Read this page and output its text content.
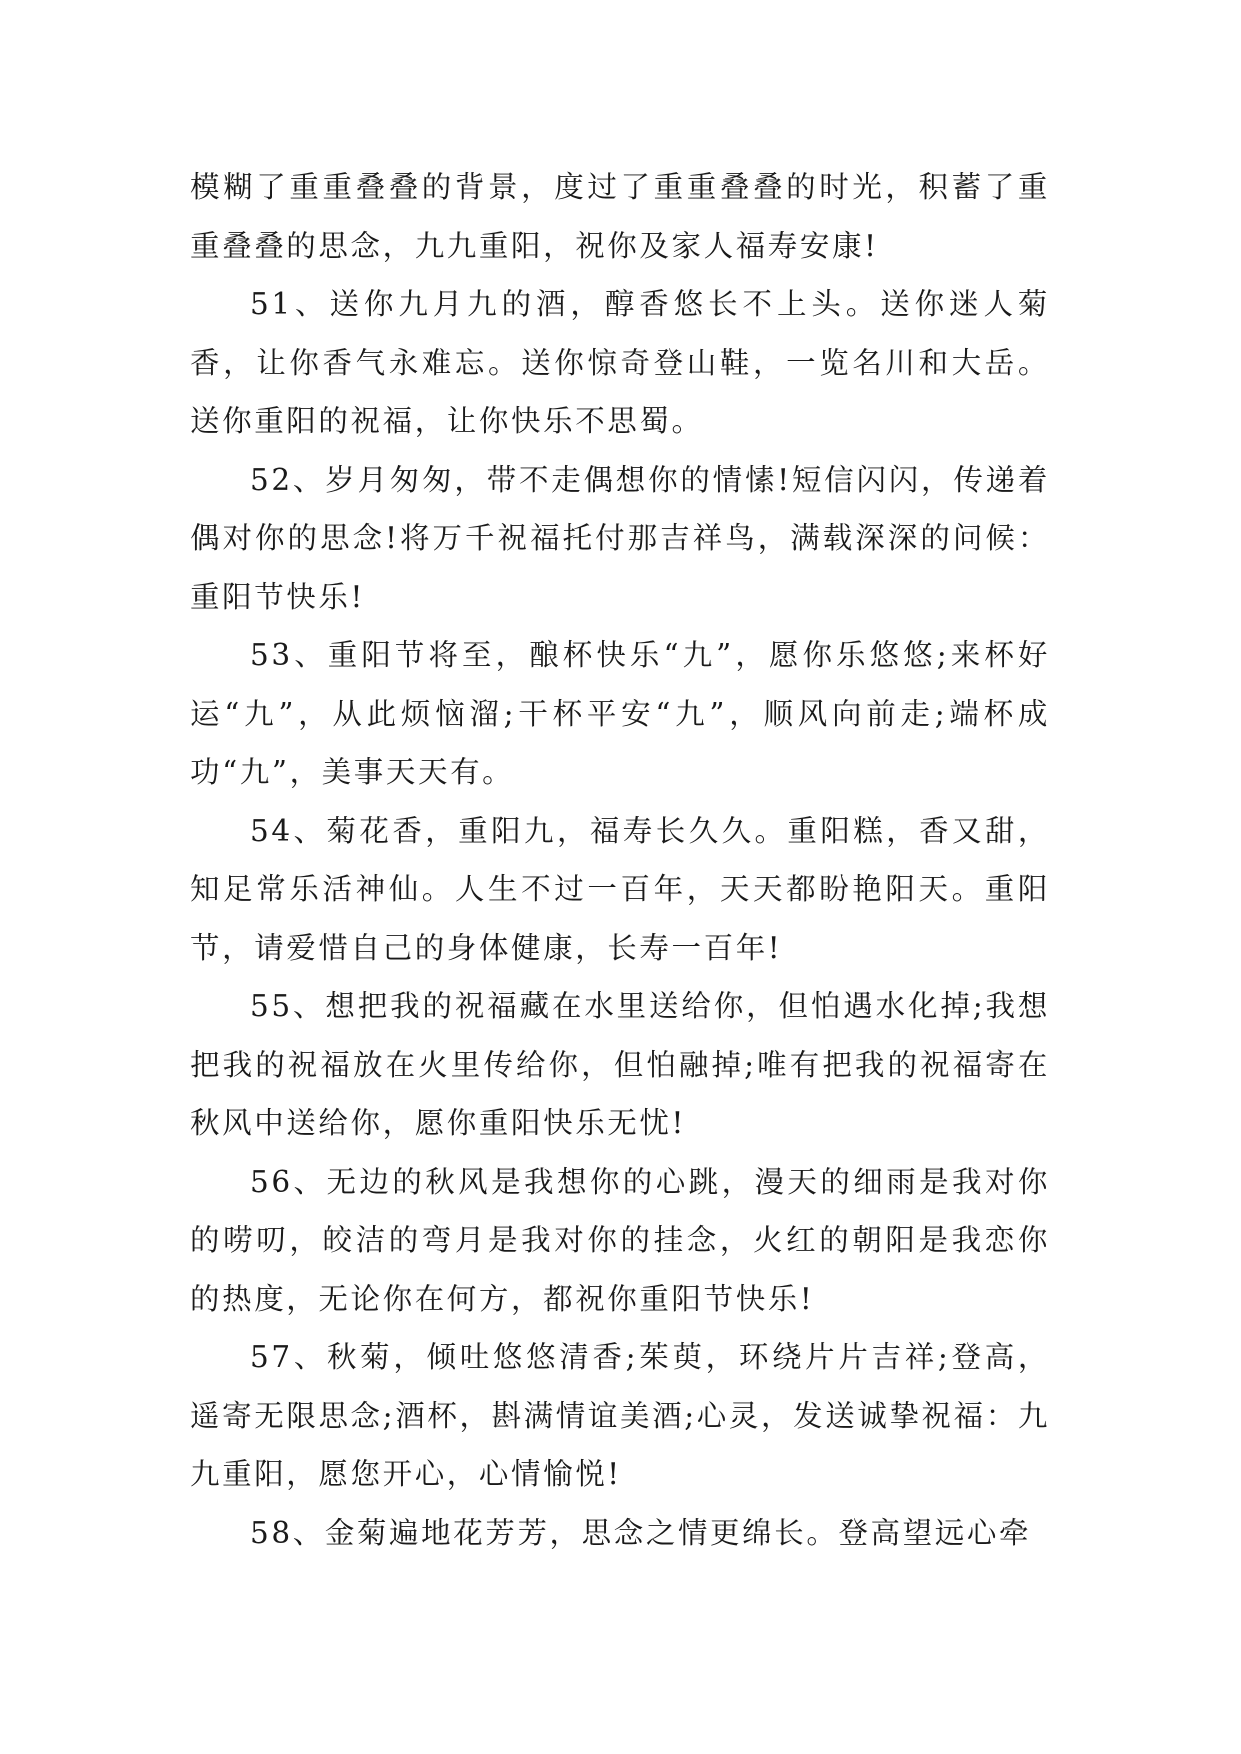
模糊了重重叠叠的背景，度过了重重叠叠的时光，积蓄了重重叠叠的思念，九九重阳，祝你及家人福寿安康!

51、送你九月九的酒，醇香悠长不上头。送你迷人菊香，让你香气永难忘。送你惊奇登山鞋，一览名川和大岳。送你重阳的祝福，让你快乐不思蜀。

52、岁月匆匆，带不走偶想你的情愫!短信闪闪，传递着偶对你的思念!将万千祝福托付那吉祥鸟，满载深深的问候：重阳节快乐!

53、重阳节将至，酿杯快乐“九”，愿你乐悠悠;来杯好运“九”，从此烦恼溜;干杯平安“九”，顺风向前走;端杯成功“九”，美事天天有。

54、菊花香，重阳九，福寿长久久。重阳糕，香又甜，知足常乐活神仙。人生不过一百年，天天都盼艳阳天。重阳节，请爱惜自己的身体健康，长寿一百年!

55、想把我的祝福藏在水里送给你，但怕遇水化掉;我想把我的祝福放在火里传给你，但怕融掉;唯有把我的祝福寄在秋风中送给你，愿你重阳快乐无忧!

56、无边的秋风是我想你的心跳，漫天的细雨是我对你的唠叨，皎洁的弯月是我对你的挂念，火红的朝阳是我恋你的热度，无论你在何方，都祝你重阳节快乐!

57、秋菊，倾吐悠悠清香;茱萸，环绕片片吉祥;登高，遥寄无限思念;酒杯，斟满情谊美酒;心灵，发送诚挚祝福：九九重阳，愿您开心，心情愉悦!

58、金菊遍地花芳芳，思念之情更绵长。登高望远心牵
